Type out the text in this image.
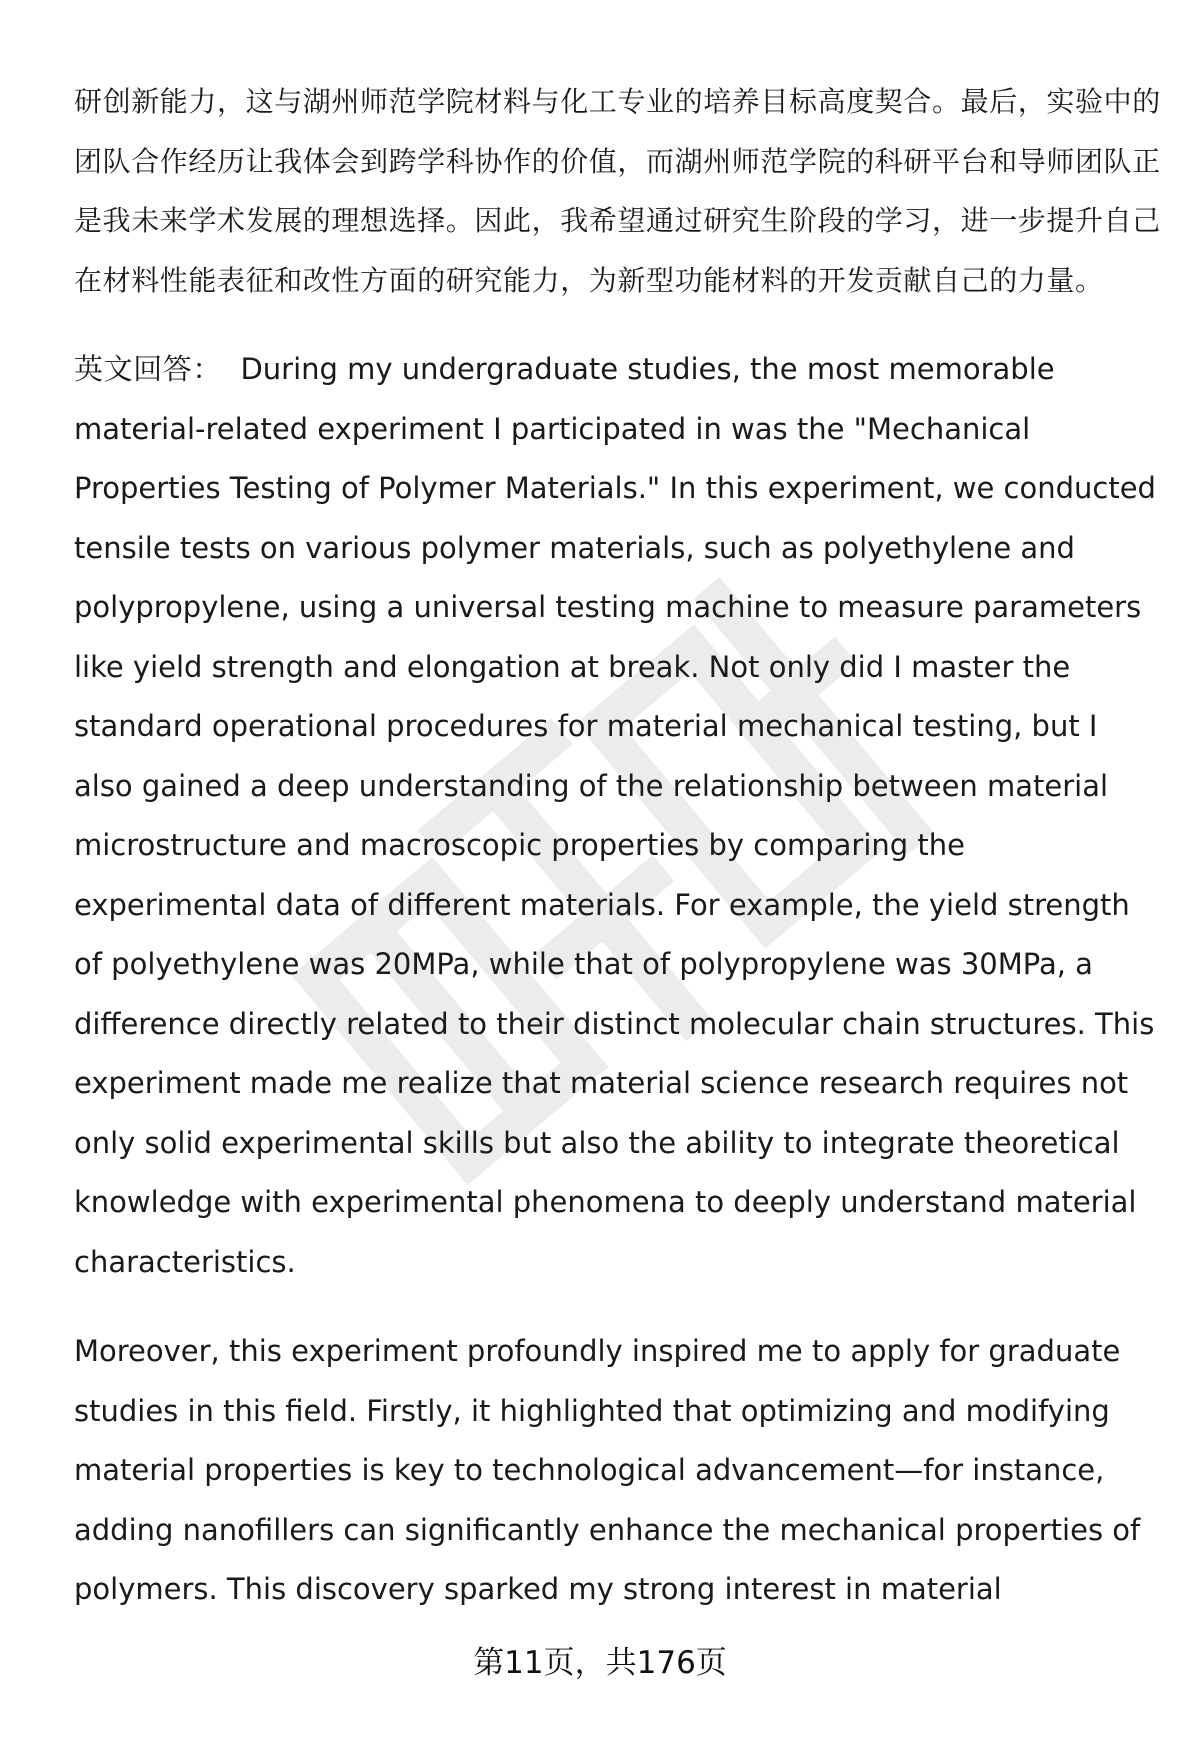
研创新能力，这与湖州师范学院材料与化工专业的培养目标高度契合。最后，实验中的团队合作经历让我体会到跨学科协作的价值，而湖州师范学院的科研平台和导师团队正是我未来学术发展的理想选择。因此，我希望通过研究生阶段的学习，进一步提升自己在材料性能表征和改性方面的研究能力，为新型功能材料的开发贡献自己的力量。

英文回答： During my undergraduate studies, the most memorable material-related experiment I participated in was the "Mechanical Properties Testing of Polymer Materials." In this experiment, we conducted tensile tests on various polymer materials, such as polyethylene and polypropylene, using a universal testing machine to measure parameters like yield strength and elongation at break. Not only did I master the standard operational procedures for material mechanical testing, but I also gained a deep understanding of the relationship between material microstructure and macroscopic properties by comparing the experimental data of different materials. For example, the yield strength of polyethylene was 20MPa, while that of polypropylene was 30MPa, a difference directly related to their distinct molecular chain structures. This experiment made me realize that material science research requires not only solid experimental skills but also the ability to integrate theoretical knowledge with experimental phenomena to deeply understand material characteristics.

Moreover, this experiment profoundly inspired me to apply for graduate studies in this field. Firstly, it highlighted that optimizing and modifying material properties is key to technological advancement—for instance, adding nanofillers can significantly enhance the mechanical properties of polymers. This discovery sparked my strong interest in material

第11页，共176页
